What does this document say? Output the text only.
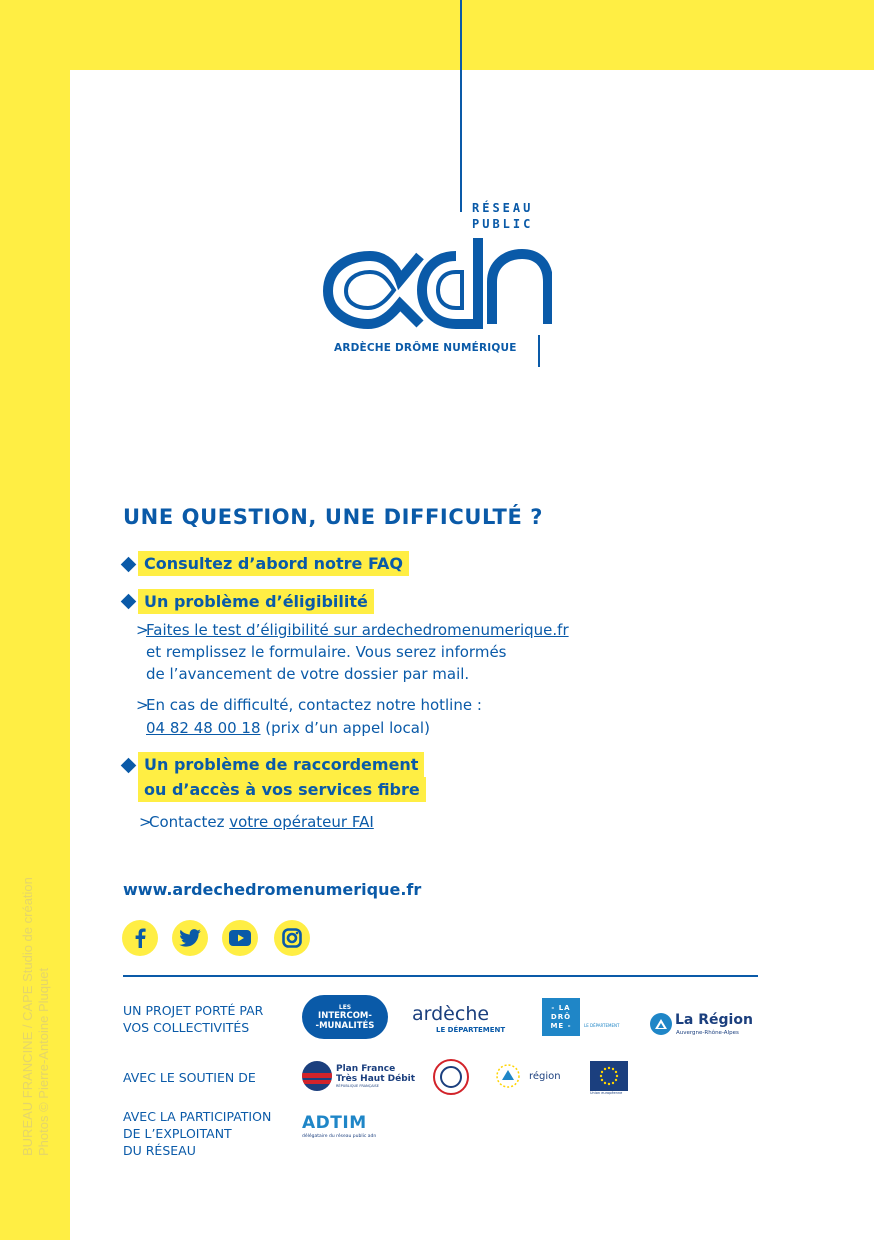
RÉSEAU
PUBLIC
ARDÈCHE DRÔME NUMÉRIQUE
BUREAU FRANCINE / CAPE Studio de création Photos © Pierre-Antoine Pluquet
UNE QUESTION, UNE DIFFICULTÉ ?
Consultez d’abord notre FAQ
Un problème d’éligibilité
>
Faites le test d’éligibilité sur ardechedromenumerique.fr
et remplissez le formulaire. Vous serez informés
de l’avancement de votre dossier par mail.
>
En cas de difficulté, contactez notre hotline :
04 82 48 00 18 (prix d’un appel local)
Un problème de raccordement
ou d’accès à vos services fibre
>
Contactez votre opérateur FAI
www.ardechedromenumerique.fr
UN PROJET PORTÉ PAR
VOS COLLECTIVITÉS
AVEC LE SOUTIEN DE
AVEC LA PARTICIPATION
DE L’EXPLOITANT
DU RÉSEAU
LES
INTERCOM-
-MUNALITÉS
ardèche
LE DÉPARTEMENT
- LA DRÔ ME -	LE DÉPARTEMENT	La Région
Auvergne-Rhône-Alpes
Plan France
Très Haut Débit
RÉPUBLIQUE FRANÇAISE
région
Union européenne
ADTIM
délégataire du réseau public adn
